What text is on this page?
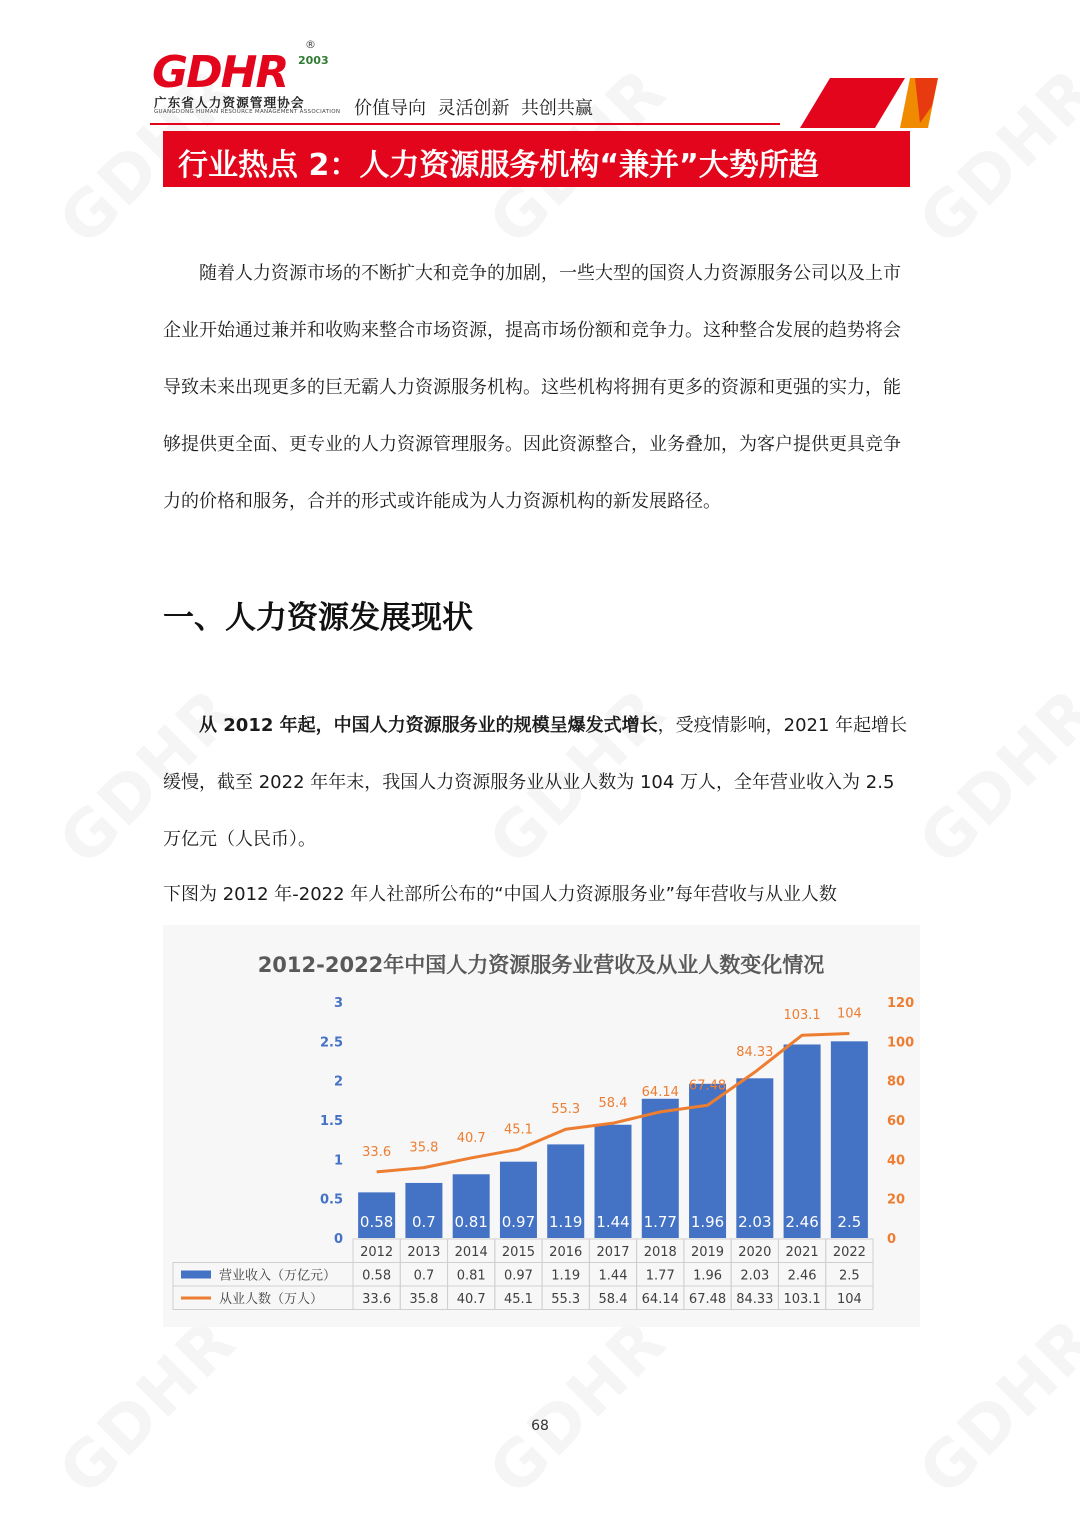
GDHR
®
2003
广东省人力资源管理协会
GUANGDONG HUMAN RESOURCE MANAGEMENT ASSOCIATION 价值导向  灵活创新  共创共赢
行业热点 2：人力资源服务机构“兼并”大势所趋

随着人力资源市场的不断扩大和竞争的加剧，一些大型的国资人力资源服务公司以及上市企业开始通过兼并和收购来整合市场资源，提高市场份额和竞争力。这种整合发展的趋势将会导致未来出现更多的巨无霸人力资源服务机构。这些机构将拥有更多的资源和更强的实力，能够提供更全面、更专业的人力资源管理服务。因此资源整合，业务叠加，为客户提供更具竞争力的价格和服务，合并的形式或许能成为人力资源机构的新发展路径。

一、人力资源发展现状

从 2012 年起，中国人力资源服务业的规模呈爆发式增长，受疫情影响，2021 年起增长缓慢，截至 2022 年年末，我国人力资源服务业从业人数为 104 万人，全年营业收入为 2.5 万亿元（人民币）。

下图为 2012 年-2022 年人社部所公布的“中国人力资源服务业”每年营收与从业人数

2012-2022年中国人力资源服务业营收及从业人数变化情况
0
0.5
1
1.5
2
2.5
3
0
20
40
60
80
100
120
0.58 0.7 0.81 0.97 1.19 1.44 1.77 1.96 2.03 2.46 2.5
33.6 35.8
40.7
45.1
55.3 58.4
64.14 67.48
84.33
103.1 104
2012 2013 2014 2015 2016 2017 2018 2019 2020 2021 2022
营业收入（万亿元） 0.58 0.7 0.81 0.97 1.19 1.44 1.77 1.96 2.03 2.46 2.5
从业人数（万人）	33.6 35.8 40.7 45.1 55.3 58.4 64.14 67.48 84.33 103.1 104
68
